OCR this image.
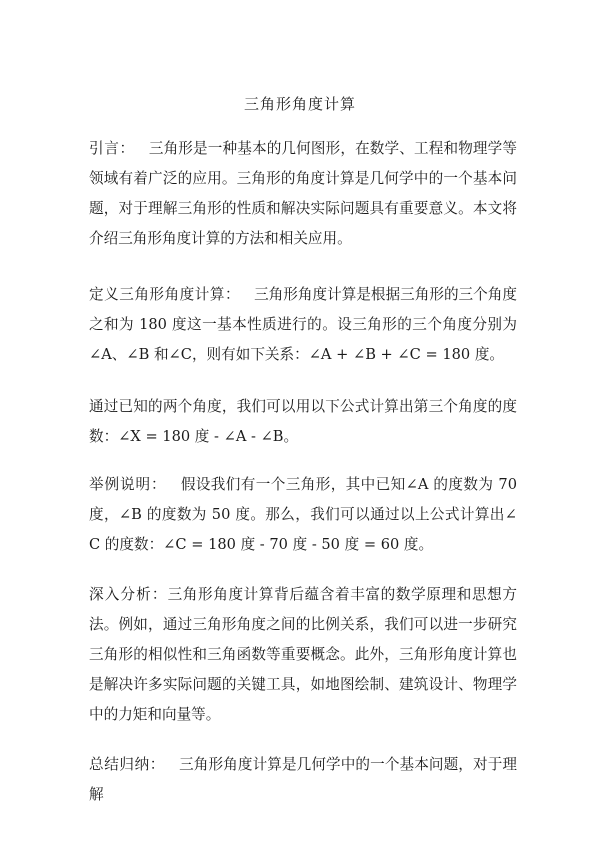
三角形角度计算

引言： 三角形是一种基本的几何图形，在数学、工程和物理学等领域有着广泛的应用。三角形的角度计算是几何学中的一个基本问题，对于理解三角形的性质和解决实际问题具有重要意义。本文将介绍三角形角度计算的方法和相关应用。

定义三角形角度计算： 三角形角度计算是根据三角形的三个角度之和为 180 度这一基本性质进行的。设三角形的三个角度分别为∠A、∠B 和∠C，则有如下关系：∠A + ∠B + ∠C = 180 度。

通过已知的两个角度，我们可以用以下公式计算出第三个角度的度数：∠X = 180 度 - ∠A - ∠B。

举例说明： 假设我们有一个三角形，其中已知∠A 的度数为 70 度，∠B 的度数为 50 度。那么，我们可以通过以上公式计算出∠C 的度数：∠C = 180 度 - 70 度 - 50 度 = 60 度。

深入分析：三角形角度计算背后蕴含着丰富的数学原理和思想方法。例如，通过三角形角度之间的比例关系，我们可以进一步研究三角形的相似性和三角函数等重要概念。此外，三角形角度计算也是解决许多实际问题的关键工具，如地图绘制、建筑设计、物理学中的力矩和向量等。

总结归纳： 三角形角度计算是几何学中的一个基本问题，对于理解
